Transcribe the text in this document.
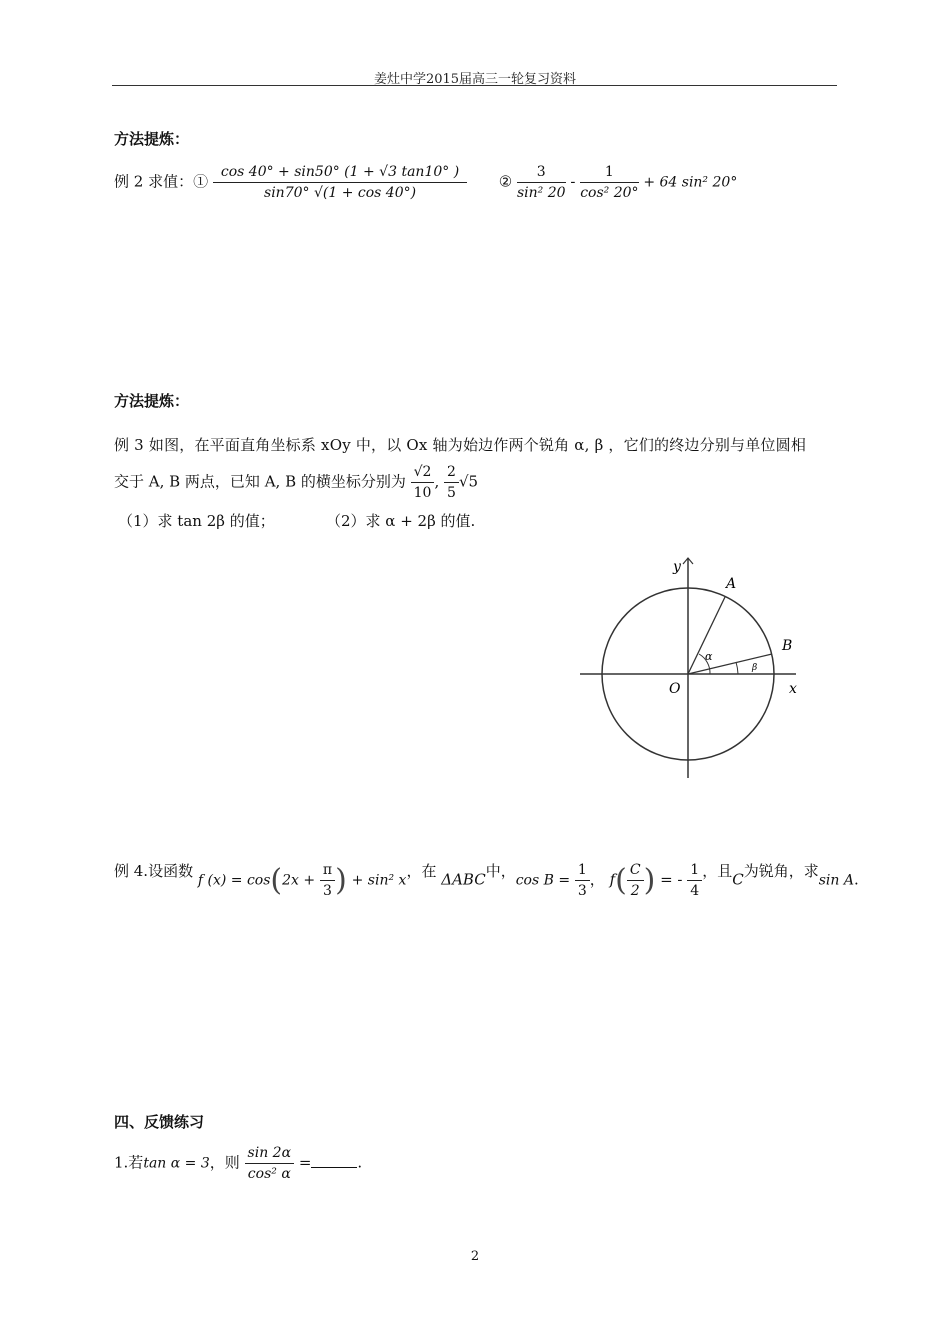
姜灶中学2015届高三一轮复习资料
方法提炼：
例 2 求值：① $\frac{\cos 40^\circ + \sin 50^\circ (1 + √3 \tan 10^\circ )}{\sin 70^\circ √(1 + \cos 40^\circ)}$ ② $\frac{3}{\text{sin² 20}} - \frac{1}{\text{cos² 20°}} + 64$ sin² 20°
方法提炼：
例 3 如图，在平面直角坐标系 xOy 中，以 Ox 轴为始边作两个锐角 α, β ，它们的终边分别与单位圆相
交于 A, B 两点，已知 A, B 的横坐标分别为 $\frac{√2}{10}$ , $\frac{2}{5} √5$
（1）求 tan 2β 的值；	（2）求 α + 2β 的值.
y
x
O
A
B
α
β
例 4.设函数 f $(x) = \cos(2x + \frac{\pi}{3}$ ) + sin² x，在 ΔABC中，$\cos B = \frac{1}{3}$ ， $f( \frac{C}{2}$ ) = - $\frac{1}{4}$ ，且C为锐角，求sin A.
四、反馈练习
1.若tan α = 3，则 $\frac{\sin 2\alpha}{\text{cos² α}}$ =	.
2
